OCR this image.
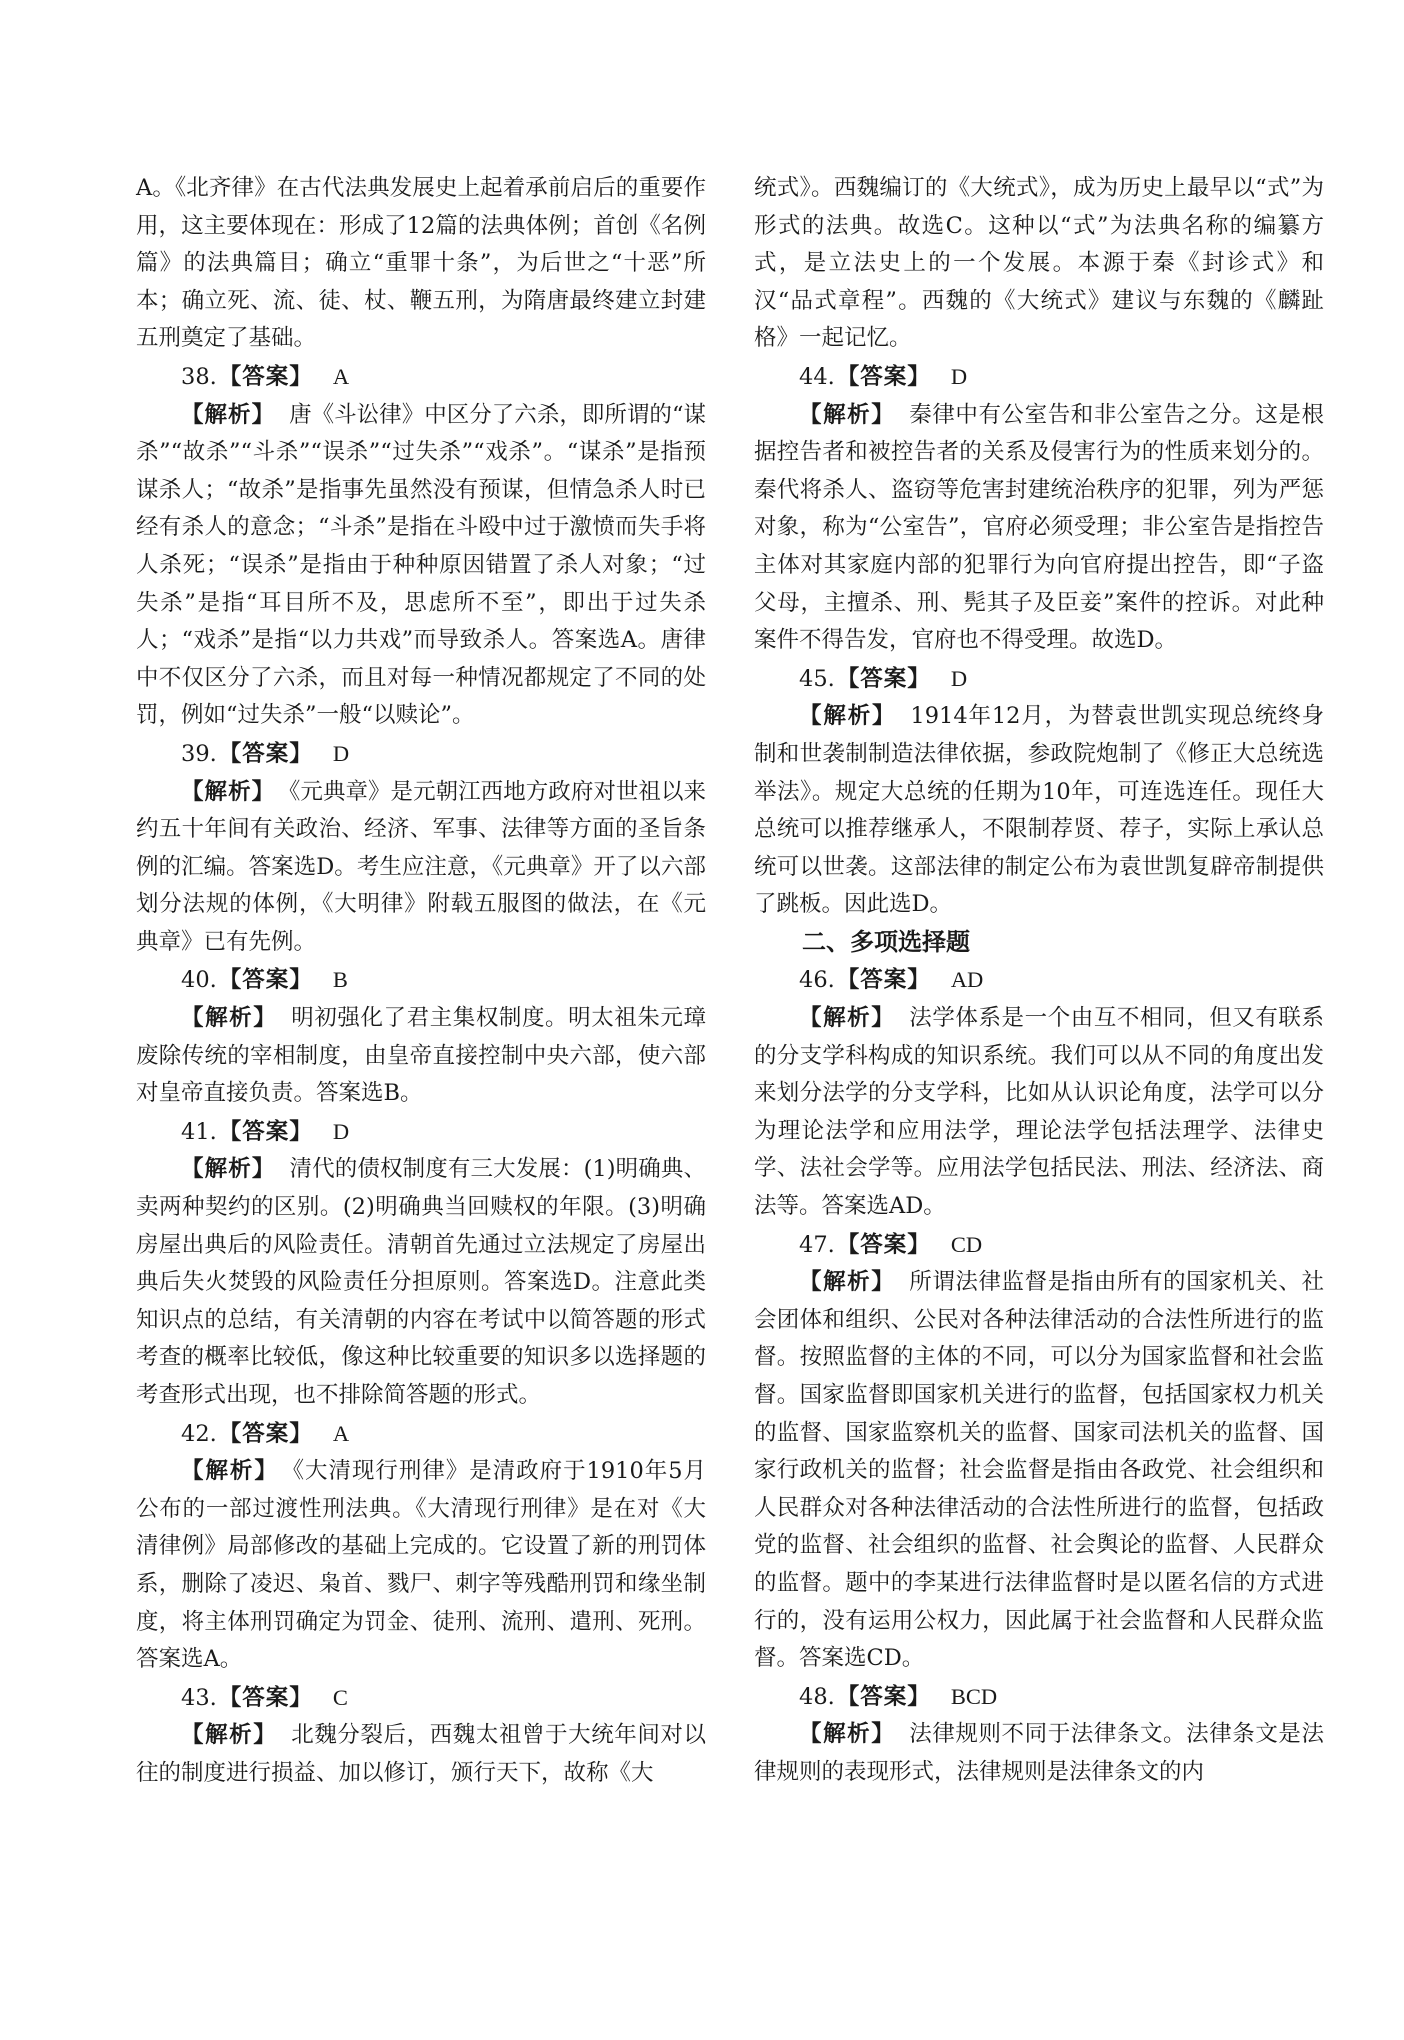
A。《北齐律》在古代法典发展史上起着承前启后的重要作用，这主要体现在：形成了12篇的法典体例；首创《名例篇》的法典篇目；确立“重罪十条”，为后世之“十恶”所本；确立死、流、徒、杖、鞭五刑，为隋唐最终建立封建五刑奠定了基础。

38.【答案】 A

【解析】 唐《斗讼律》中区分了六杀，即所谓的“谋杀”“故杀”“斗杀”“误杀”“过失杀”“戏杀”。“谋杀”是指预谋杀人；“故杀”是指事先虽然没有预谋，但情急杀人时已经有杀人的意念；“斗杀”是指在斗殴中过于激愤而失手将人杀死；“误杀”是指由于种种原因错置了杀人对象；“过失杀”是指“耳目所不及，思虑所不至”，即出于过失杀人；“戏杀”是指“以力共戏”而导致杀人。答案选A。唐律中不仅区分了六杀，而且对每一种情况都规定了不同的处罚，例如“过失杀”一般“以赎论”。

39.【答案】 D

【解析】 《元典章》是元朝江西地方政府对世祖以来约五十年间有关政治、经济、军事、法律等方面的圣旨条例的汇编。答案选D。考生应注意，《元典章》开了以六部划分法规的体例，《大明律》附载五服图的做法，在《元典章》已有先例。

40.【答案】 B

【解析】 明初强化了君主集权制度。明太祖朱元璋废除传统的宰相制度，由皇帝直接控制中央六部，使六部对皇帝直接负责。答案选B。

41.【答案】 D

【解析】 清代的债权制度有三大发展：(1)明确典、卖两种契约的区别。(2)明确典当回赎权的年限。(3)明确房屋出典后的风险责任。清朝首先通过立法规定了房屋出典后失火焚毁的风险责任分担原则。答案选D。注意此类知识点的总结，有关清朝的内容在考试中以简答题的形式考查的概率比较低，像这种比较重要的知识多以选择题的考查形式出现，也不排除简答题的形式。

42.【答案】 A

【解析】 《大清现行刑律》是清政府于1910年5月公布的一部过渡性刑法典。《大清现行刑律》是在对《大清律例》局部修改的基础上完成的。它设置了新的刑罚体系，删除了凌迟、枭首、戮尸、刺字等残酷刑罚和缘坐制度，将主体刑罚确定为罚金、徒刑、流刑、遣刑、死刑。答案选A。

43.【答案】 C

【解析】 北魏分裂后，西魏太祖曾于大统年间对以往的制度进行损益、加以修订，颁行天下，故称《大

统式》。西魏编订的《大统式》，成为历史上最早以“式”为形式的法典。故选C。这种以“式”为法典名称的编纂方式，是立法史上的一个发展。本源于秦《封诊式》和汉“品式章程”。西魏的《大统式》建议与东魏的《麟趾格》一起记忆。

44.【答案】 D

【解析】 秦律中有公室告和非公室告之分。这是根据控告者和被控告者的关系及侵害行为的性质来划分的。秦代将杀人、盗窃等危害封建统治秩序的犯罪，列为严惩对象，称为“公室告”，官府必须受理；非公室告是指控告主体对其家庭内部的犯罪行为向官府提出控告，即“子盗父母，主擅杀、刑、髡其子及臣妾”案件的控诉。对此种案件不得告发，官府也不得受理。故选D。

45.【答案】 D

【解析】 1914年12月，为替袁世凯实现总统终身制和世袭制制造法律依据，参政院炮制了《修正大总统选举法》。规定大总统的任期为10年，可连选连任。现任大总统可以推荐继承人，不限制荐贤、荐子，实际上承认总统可以世袭。这部法律的制定公布为袁世凯复辟帝制提供了跳板。因此选D。

二、多项选择题

46.【答案】 AD

【解析】 法学体系是一个由互不相同，但又有联系的分支学科构成的知识系统。我们可以从不同的角度出发来划分法学的分支学科，比如从认识论角度，法学可以分为理论法学和应用法学，理论法学包括法理学、法律史学、法社会学等。应用法学包括民法、刑法、经济法、商法等。答案选AD。

47.【答案】 CD

【解析】 所谓法律监督是指由所有的国家机关、社会团体和组织、公民对各种法律活动的合法性所进行的监督。按照监督的主体的不同，可以分为国家监督和社会监督。国家监督即国家机关进行的监督，包括国家权力机关的监督、国家监察机关的监督、国家司法机关的监督、国家行政机关的监督；社会监督是指由各政党、社会组织和人民群众对各种法律活动的合法性所进行的监督，包括政党的监督、社会组织的监督、社会舆论的监督、人民群众的监督。题中的李某进行法律监督时是以匿名信的方式进行的，没有运用公权力，因此属于社会监督和人民群众监督。答案选CD。

48.【答案】 BCD

【解析】 法律规则不同于法律条文。法律条文是法律规则的表现形式，法律规则是法律条文的内
